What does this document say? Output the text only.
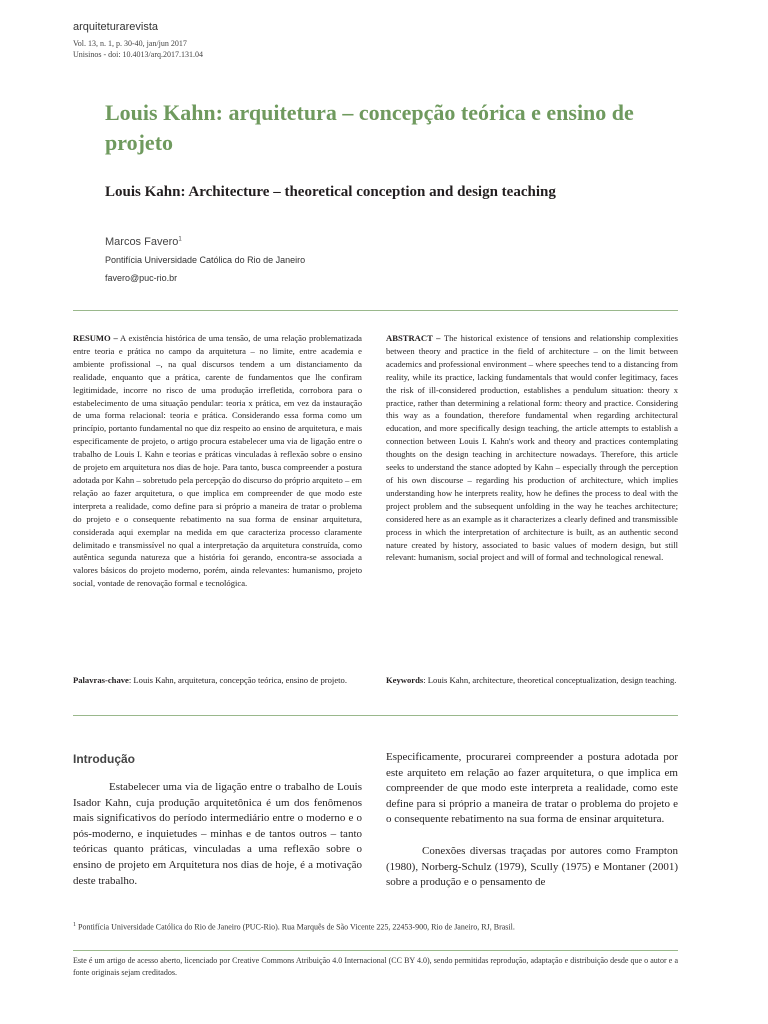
arquiteturarevista
Vol. 13, n. 1, p. 30-40, jan/jun 2017
Unisinos - doi: 10.4013/arq.2017.131.04
Louis Kahn: arquitetura – concepção teórica e ensino de projeto
Louis Kahn: Architecture – theoretical conception and design teaching
Marcos Favero$^1$
Pontifícia Universidade Católica do Rio de Janeiro
favero@puc-rio.br
RESUMO – A existência histórica de uma tensão, de uma relação problematizada entre teoria e prática no campo da arquitetura – no limite, entre academia e ambiente profissional –, na qual discursos tendem a um distanciamento da realidade, enquanto que a prática, carente de fundamentos que lhe confiram legitimidade, incorre no risco de uma produção irrefletida, corrobora para o estabelecimento de uma situação pendular: teoria x prática, em vez da instauração de uma forma relacional: teoria e prática. Considerando essa forma como um princípio, portanto fundamental no que diz respeito ao ensino de arquitetura, e mais especificamente de projeto, o artigo procura estabelecer uma via de ligação entre o trabalho de Louis I. Kahn e teorias e práticas vinculadas à reflexão sobre o ensino de projeto em arquitetura nos dias de hoje. Para tanto, busca compreender a postura adotada por Kahn – sobretudo pela percepção do discurso do próprio arquiteto – em relação ao fazer arquitetura, o que implica em compreender de que modo este interpreta a realidade, como define para si próprio a maneira de tratar o problema do projeto e o consequente rebatimento na sua forma de ensinar arquitetura, considerada aqui exemplar na medida em que caracteriza processo claramente delimitado e transmissível no qual a interpretação da arquitetura construída, como autêntica segunda natureza que a história foi gerando, encontra-se associada a valores básicos do projeto moderno, porém, ainda relevantes: humanismo, projeto social, vontade de renovação formal e tecnológica.
ABSTRACT – The historical existence of tensions and relationship complexities between theory and practice in the field of architecture – on the limit between academics and professional environment – where speeches tend to a distancing from reality, while its practice, lacking fundamentals that would confer legitimacy, faces the risk of ill-considered production, establishes a pendulum situation: theory x practice, rather than determining a relational form: theory and practice. Considering this way as a foundation, therefore fundamental when regarding architectural education, and more specifically design teaching, the article attempts to establish a connection between Louis I. Kahn's work and theory and practices contemplating thoughts on the design teaching in architecture nowadays. Therefore, this article seeks to understand the stance adopted by Kahn – especially through the perception of his own discourse – regarding his production of architecture, which implies understanding how he interprets reality, how he defines the process to deal with the project problem and the subsequent unfolding in the way he teaches architecture; considered here as an example as it characterizes a clearly defined and transmissible process in which the interpretation of architecture is built, as an authentic second nature created by history, associated to basic values of modern design, but still relevant: humanism, social project and will of formal and technological renewal.
Palavras-chave: Louis Kahn, arquitetura, concepção teórica, ensino de projeto.	Keywords: Louis Kahn, architecture, theoretical conceptualization, design teaching.
Introdução
Estabelecer uma via de ligação entre o trabalho de Louis Isador Kahn, cuja produção arquitetônica é um dos fenômenos mais significativos do período intermediário entre o moderno e o pós-moderno, e inquietudes – minhas e de tantos outros – tanto teóricas quanto práticas, vinculadas a uma reflexão sobre o ensino de projeto em Arquitetura nos dias de hoje, é a motivação deste trabalho.
Especificamente, procurarei compreender a postura adotada por este arquiteto em relação ao fazer arquitetura, o que implica em compreender de que modo este interpreta a realidade, como este define para si próprio a maneira de tratar o problema do projeto e o consequente rebatimento na sua forma de ensinar arquitetura.
Conexões diversas traçadas por autores como Frampton (1980), Norberg-Schulz (1979), Scully (1975) e Montaner (2001) sobre a produção e o pensamento de
$^1$ Pontifícia Universidade Católica do Rio de Janeiro (PUC-Rio). Rua Marquês de São Vicente 225, 22453-900, Rio de Janeiro, RJ, Brasil.
Este é um artigo de acesso aberto, licenciado por Creative Commons Atribuição 4.0 Internacional (CC BY 4.0), sendo permitidas reprodução, adaptação e distribuição desde que o autor e a fonte originais sejam creditados.
